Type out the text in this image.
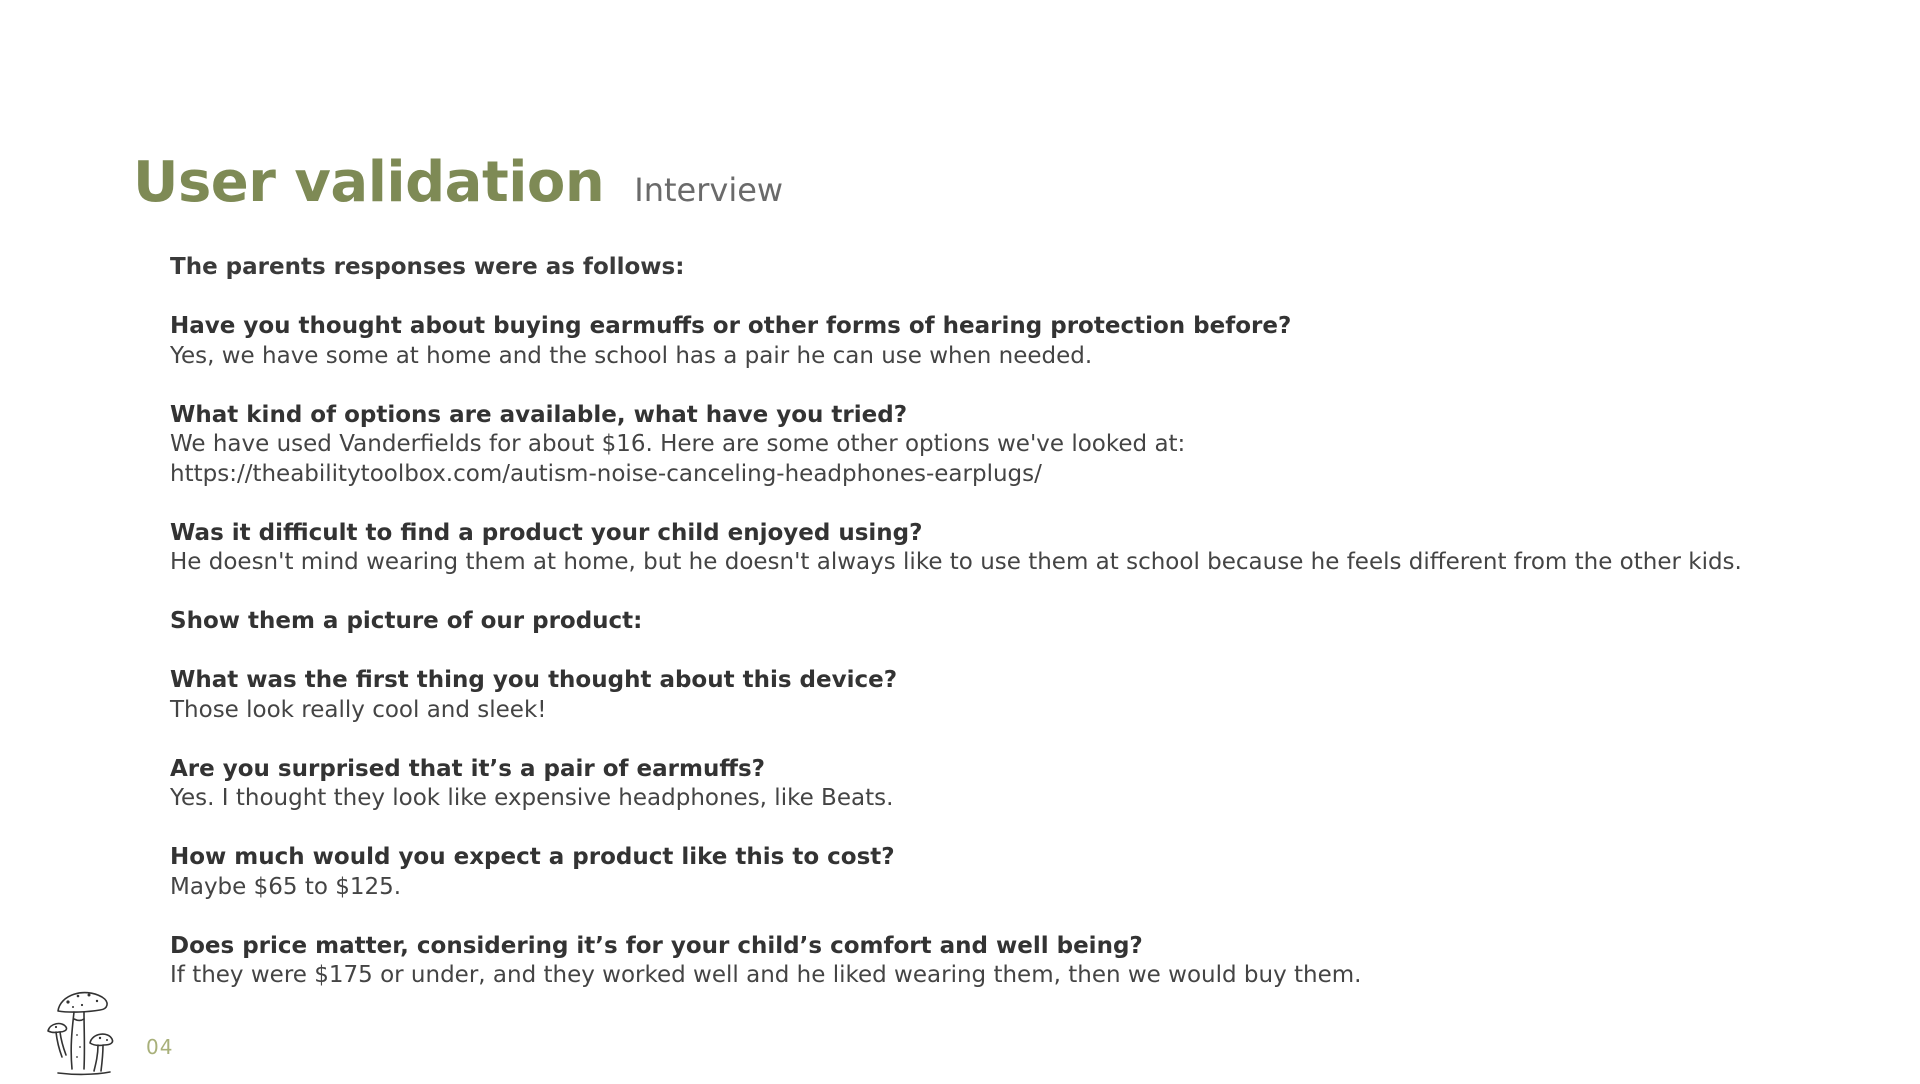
User validation Interview
The parents responses were as follows:
Have you thought about buying earmuffs or other forms of hearing protection before?
Yes, we have some at home and the school has a pair he can use when needed.
What kind of options are available, what have you tried?
We have used Vanderfields for about $16. Here are some other options we've looked at:
https://theabilitytoolbox.com/autism-noise-canceling-headphones-earplugs/
Was it difficult to find a product your child enjoyed using?
He doesn't mind wearing them at home, but he doesn't always like to use them at school because he feels different from the other kids.
Show them a picture of our product:
What was the first thing you thought about this device?
Those look really cool and sleek!
Are you surprised that it’s a pair of earmuffs?
Yes. I thought they look like expensive headphones, like Beats.
How much would you expect a product like this to cost?
Maybe $65 to $125.
Does price matter, considering it’s for your child’s comfort and well being?
If they were $175 or under, and they worked well and he liked wearing them, then we would buy them.
04
